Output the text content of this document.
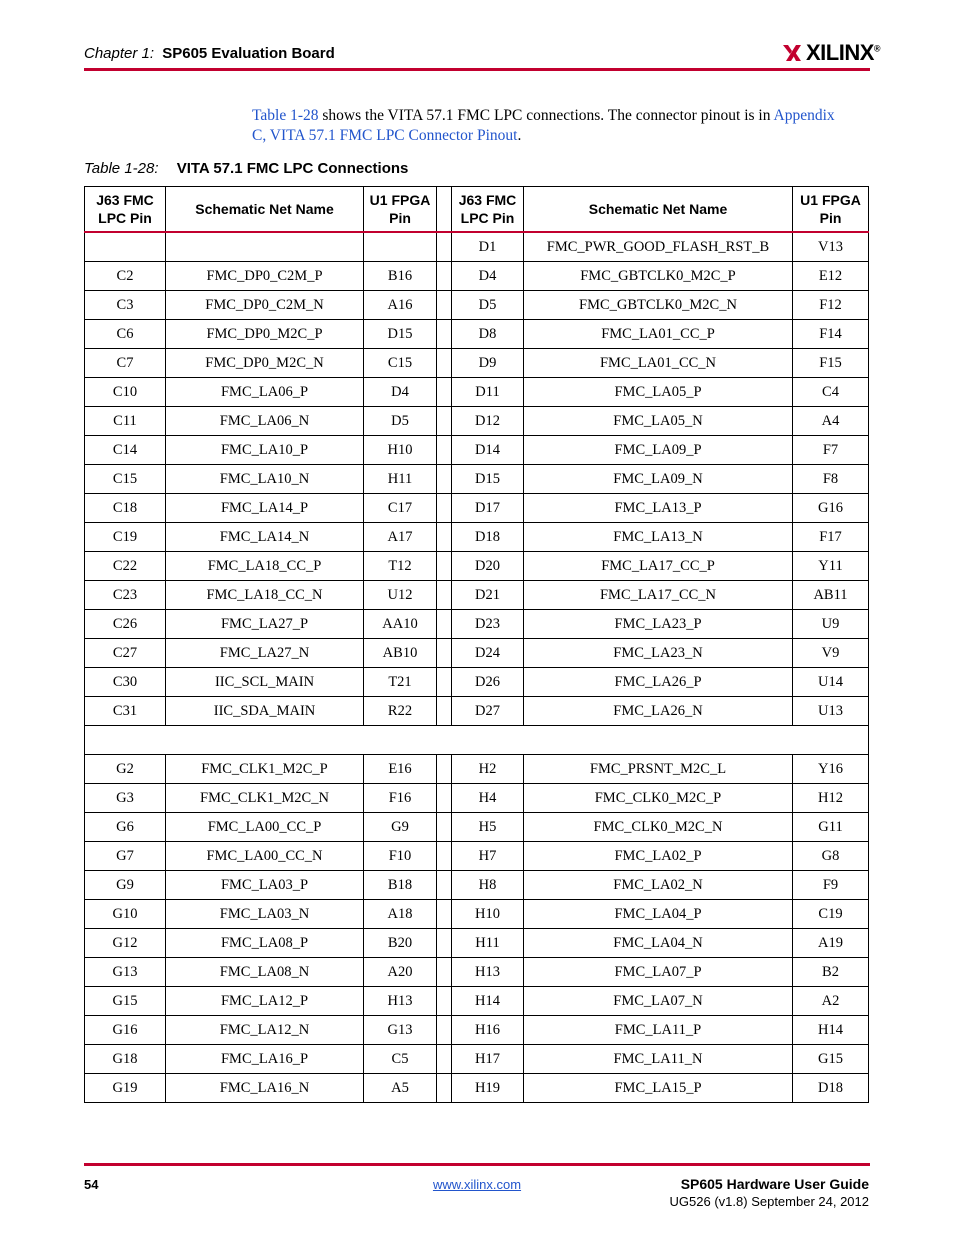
Chapter 1: SP605 Evaluation Board	XILINX®
Table 1-28 shows the VITA 57.1 FMC LPC connections. The connector pinout is in Appendix C, VITA 57.1 FMC LPC Connector Pinout.
Table 1-28: VITA 57.1 FMC LPC Connections
J63 FMC LPC Pin	Schematic Net Name	U1 FPGA Pin		J63 FMC LPC Pin	Schematic Net Name	U1 FPGA Pin
				D1	FMC_PWR_GOOD_FLASH_RST_B	V13
C2	FMC_DP0_C2M_P	B16		D4	FMC_GBTCLK0_M2C_P	E12
C3	FMC_DP0_C2M_N	A16		D5	FMC_GBTCLK0_M2C_N	F12
C6	FMC_DP0_M2C_P	D15		D8	FMC_LA01_CC_P	F14
C7	FMC_DP0_M2C_N	C15		D9	FMC_LA01_CC_N	F15
C10	FMC_LA06_P	D4		D11	FMC_LA05_P	C4
C11	FMC_LA06_N	D5		D12	FMC_LA05_N	A4
C14	FMC_LA10_P	H10		D14	FMC_LA09_P	F7
C15	FMC_LA10_N	H11		D15	FMC_LA09_N	F8
C18	FMC_LA14_P	C17		D17	FMC_LA13_P	G16
C19	FMC_LA14_N	A17		D18	FMC_LA13_N	F17
C22	FMC_LA18_CC_P	T12		D20	FMC_LA17_CC_P	Y11
C23	FMC_LA18_CC_N	U12		D21	FMC_LA17_CC_N	AB11
C26	FMC_LA27_P	AA10		D23	FMC_LA23_P	U9
C27	FMC_LA27_N	AB10		D24	FMC_LA23_N	V9
C30	IIC_SCL_MAIN	T21		D26	FMC_LA26_P	U14
C31	IIC_SDA_MAIN	R22		D27	FMC_LA26_N	U13

G2	FMC_CLK1_M2C_P	E16		H2	FMC_PRSNT_M2C_L	Y16
G3	FMC_CLK1_M2C_N	F16		H4	FMC_CLK0_M2C_P	H12
G6	FMC_LA00_CC_P	G9		H5	FMC_CLK0_M2C_N	G11
G7	FMC_LA00_CC_N	F10		H7	FMC_LA02_P	G8
G9	FMC_LA03_P	B18		H8	FMC_LA02_N	F9
G10	FMC_LA03_N	A18		H10	FMC_LA04_P	C19
G12	FMC_LA08_P	B20		H11	FMC_LA04_N	A19
G13	FMC_LA08_N	A20		H13	FMC_LA07_P	B2
G15	FMC_LA12_P	H13		H14	FMC_LA07_N	A2
G16	FMC_LA12_N	G13		H16	FMC_LA11_P	H14
G18	FMC_LA16_P	C5		H17	FMC_LA11_N	G15
G19	FMC_LA16_N	A5		H19	FMC_LA15_P	D18
54	www.xilinx.com	SP605 Hardware User Guide
UG526 (v1.8) September 24, 2012
